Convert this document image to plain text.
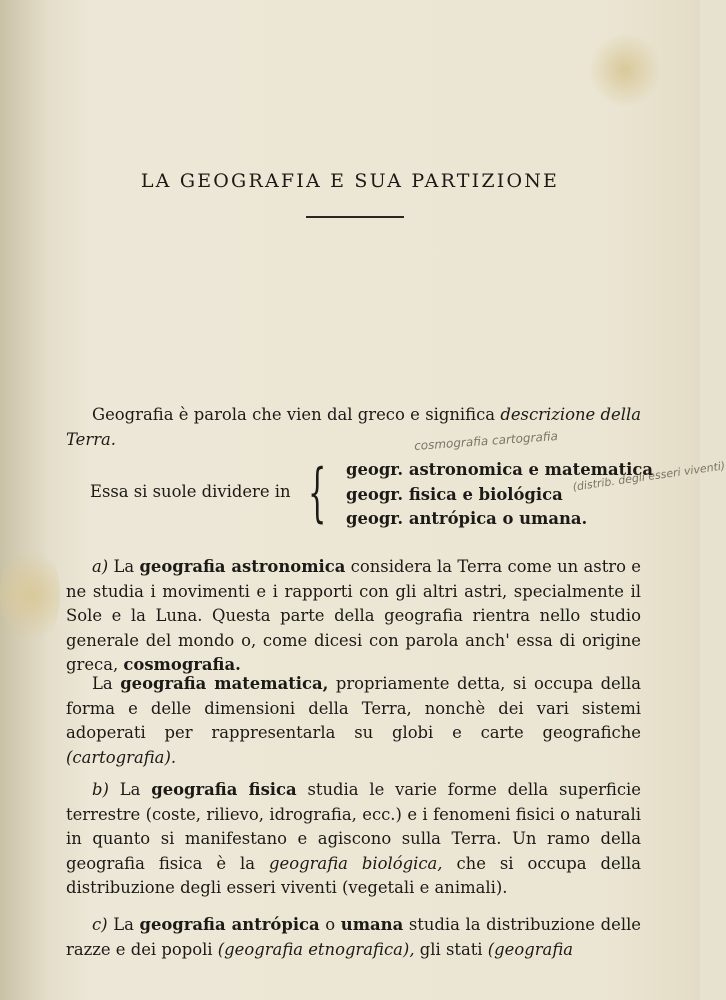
LA GEOGRAFIA E SUA PARTIZIONE
Geografia è parola che vien dal greco e significa descrizione della Terra.	cosmografia cartografia
(distrib. degli esseri viventi)
Essa si suole dividere in { geogr. astronomica e matematica
geogr. fisica e biológica
geogr. antrópica o umana.
a) La geografia astronomica considera la Terra come un astro e ne studia i movimenti e i rapporti con gli altri astri, specialmente il Sole e la Luna. Questa parte della geografia rientra nello studio generale del mondo o, come dicesi con parola anch' essa di origine greca, cosmografia.
La geografia matematica, propriamente detta, si occupa della forma e delle dimensioni della Terra, nonchè dei vari sistemi adoperati per rappresentarla su globi e carte geografiche (cartografia).
b) La geografia fisica studia le varie forme della superficie terrestre (coste, rilievo, idrografia, ecc.) e i fenomeni fisici o naturali in quanto si manifestano e agiscono sulla Terra. Un ramo della geografia fisica è la geografia biológica, che si occupa della distribuzione degli esseri viventi (vegetali e animali).
c) La geografia antrópica o umana studia la distribuzione delle razze e dei popoli (geografia etnografica), gli stati (geografia
